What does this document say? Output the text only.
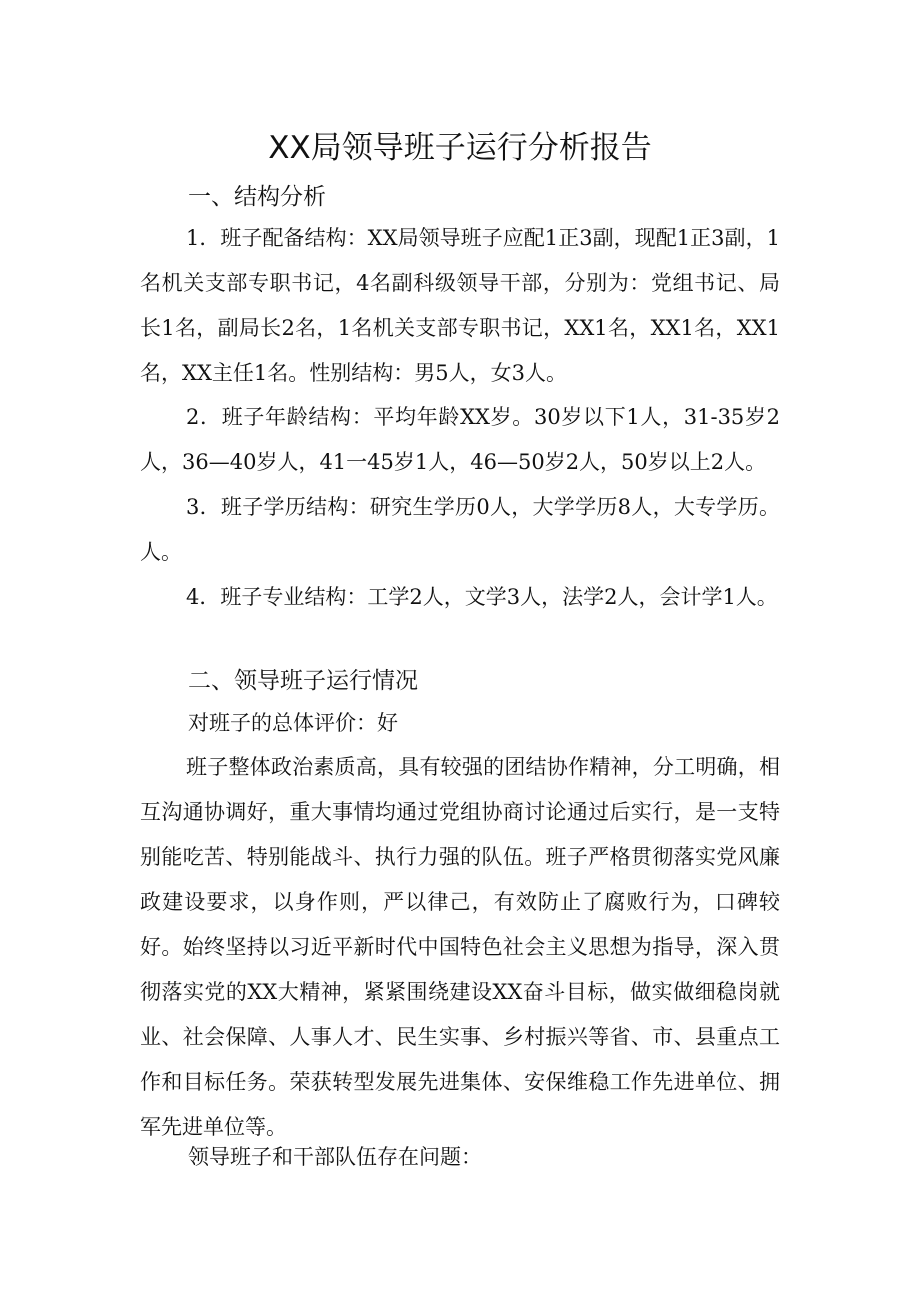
XX局领导班子运行分析报告
一、结构分析
1．班子配备结构：XX局领导班子应配1正3副，现配1正3副，1名机关支部专职书记，4名副科级领导干部，分别为：党组书记、局长1名，副局长2名，1名机关支部专职书记，XX1名，XX1名，XX1名，XX主任1名。性别结构：男5人，女3人。
2．班子年龄结构：平均年龄XX岁。30岁以下1人，31-35岁2人，36—40岁人，41一45岁1人，46—50岁2人，50岁以上2人。
3．班子学历结构：研究生学历0人，大学学历8人，大专学历。人。
4．班子专业结构：工学2人，文学3人，法学2人，会计学1人。
二、领导班子运行情况
对班子的总体评价：好
班子整体政治素质高，具有较强的团结协作精神，分工明确，相互沟通协调好，重大事情均通过党组协商讨论通过后实行，是一支特别能吃苦、特别能战斗、执行力强的队伍。班子严格贯彻落实党风廉政建设要求，以身作则，严以律己，有效防止了腐败行为，口碑较好。始终坚持以习近平新时代中国特色社会主义思想为指导，深入贯彻落实党的XX大精神，紧紧围绕建设XX奋斗目标，做实做细稳岗就业、社会保障、人事人才、民生实事、乡村振兴等省、市、县重点工作和目标任务。荣获转型发展先进集体、安保维稳工作先进单位、拥军先进单位等。
领导班子和干部队伍存在问题：
